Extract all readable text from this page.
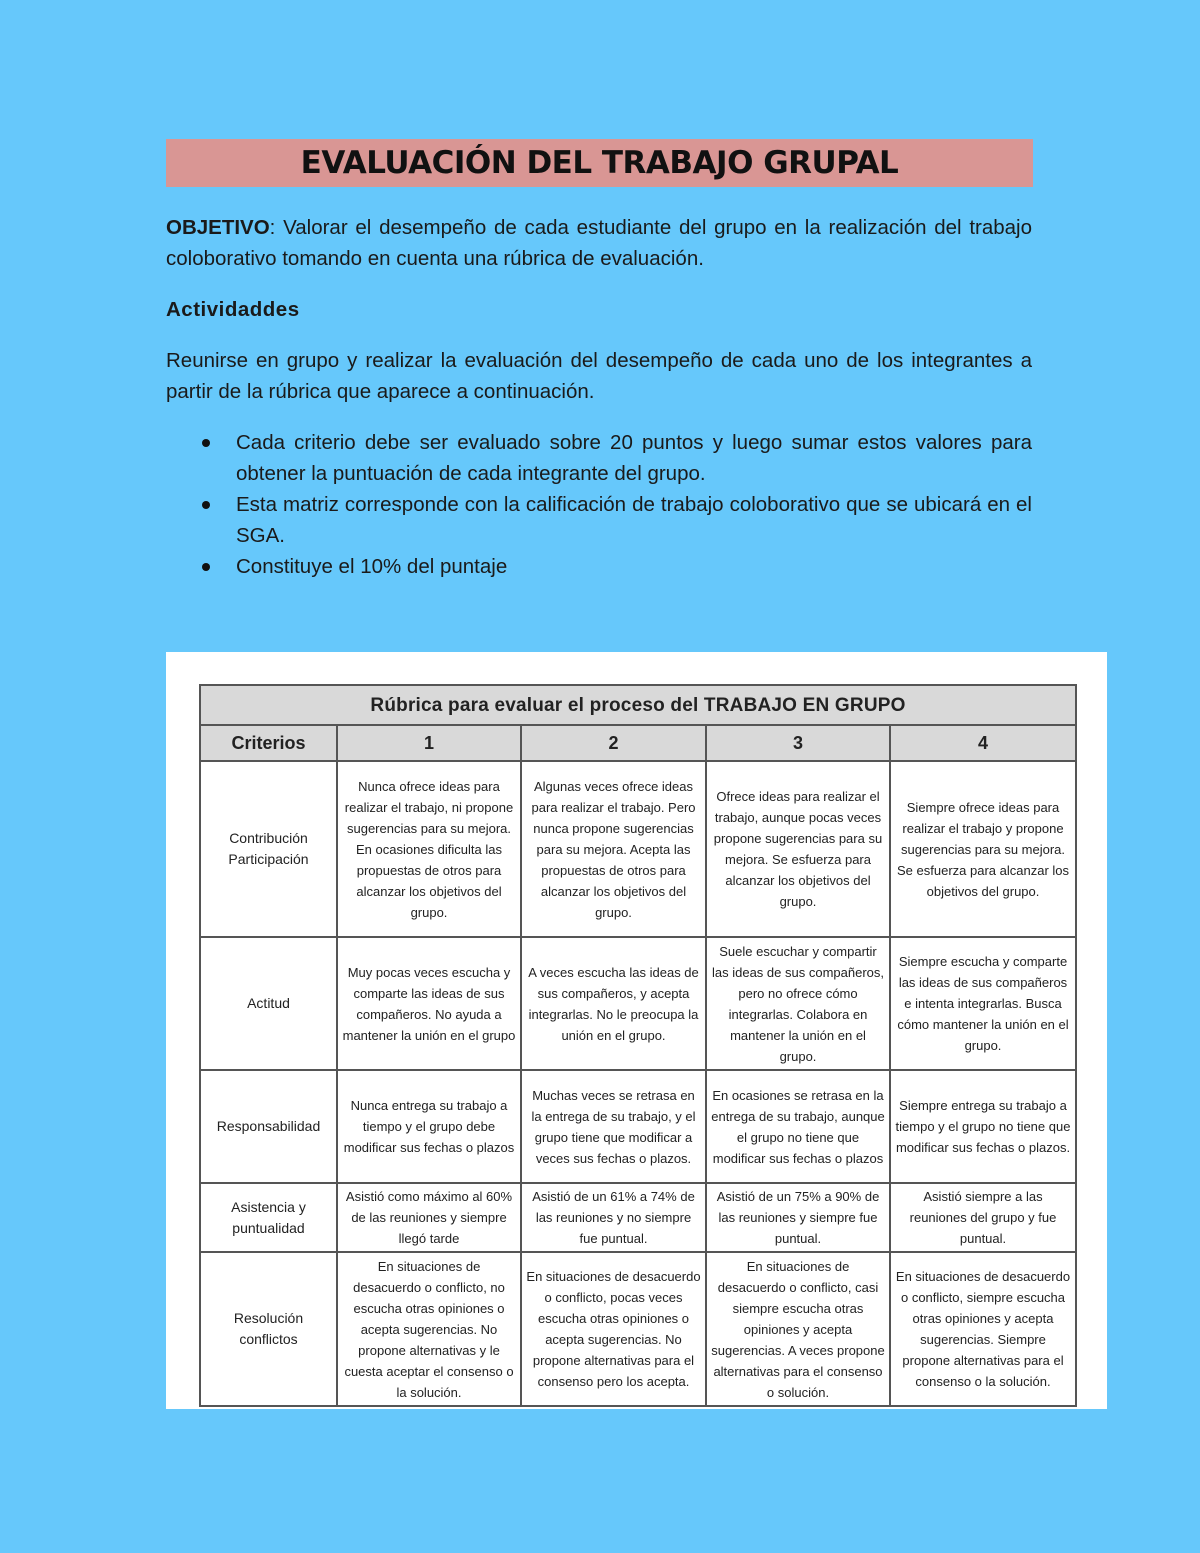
EVALUACIÓN DEL TRABAJO GRUPAL
OBJETIVO: Valorar el desempeño de cada estudiante del grupo en la realización del trabajo coloborativo tomando en cuenta una rúbrica de evaluación.
Actividaddes
Reunirse en grupo y realizar la evaluación del desempeño de cada uno de los integrantes a partir de la rúbrica que aparece a continuación.
Cada criterio debe ser evaluado sobre 20 puntos y luego sumar estos valores para obtener la puntuación de cada integrante del grupo.
Esta matriz corresponde con la calificación de trabajo coloborativo que se ubicará en el SGA.
Constituye el 10% del puntaje
Rúbrica para evaluar el proceso del TRABAJO EN GRUPO				
Criterios	1	2	3	4
Contribución Participación	Nunca ofrece ideas para realizar el trabajo, ni propone sugerencias para su mejora. En ocasiones dificulta las propuestas de otros para alcanzar los objetivos del grupo.	Algunas veces ofrece ideas para realizar el trabajo. Pero nunca propone sugerencias para su mejora. Acepta las propuestas de otros para alcanzar los objetivos del grupo.	Ofrece ideas para realizar el trabajo, aunque pocas veces propone sugerencias para su mejora. Se esfuerza para alcanzar los objetivos del grupo.	Siempre ofrece ideas para realizar el trabajo y propone sugerencias para su mejora. Se esfuerza para alcanzar los objetivos del grupo.
Actitud	Muy pocas veces escucha y comparte las ideas de sus compañeros. No ayuda a mantener la unión en el grupo	A veces escucha las ideas de sus compañeros, y acepta integrarlas. No le preocupa la unión en el grupo.	Suele escuchar y compartir las ideas de sus compañeros, pero no ofrece cómo integrarlas. Colabora en mantener la unión en el grupo.	Siempre escucha y comparte las ideas de sus compañeros e intenta integrarlas. Busca cómo mantener la unión en el grupo.
Responsabilidad	Nunca entrega su trabajo a tiempo y el grupo debe modificar sus fechas o plazos	Muchas veces se retrasa en la entrega de su trabajo, y el grupo tiene que modificar a veces sus fechas o plazos.	En ocasiones se retrasa en la entrega de su trabajo, aunque el grupo no tiene que modificar sus fechas o plazos	Siempre entrega su trabajo a tiempo y el grupo no tiene que modificar sus fechas o plazos.
Asistencia y puntualidad	Asistió como máximo al 60% de las reuniones y siempre llegó tarde	Asistió de un 61% a 74% de las reuniones y no siempre fue puntual.	Asistió de un 75% a 90% de las reuniones y siempre fue puntual.	Asistió siempre a las reuniones del grupo y fue puntual.
Resolución conflictos	En situaciones de desacuerdo o conflicto, no escucha otras opiniones o acepta sugerencias. No propone alternativas y le cuesta aceptar el consenso o la solución.	En situaciones de desacuerdo o conflicto, pocas veces escucha otras opiniones o acepta sugerencias. No propone alternativas para el consenso pero los acepta.	En situaciones de desacuerdo o conflicto, casi siempre escucha otras opiniones y acepta sugerencias. A veces propone alternativas para el consenso o solución.	En situaciones de desacuerdo o conflicto, siempre escucha otras opiniones y acepta sugerencias. Siempre propone alternativas para el consenso o la solución.
